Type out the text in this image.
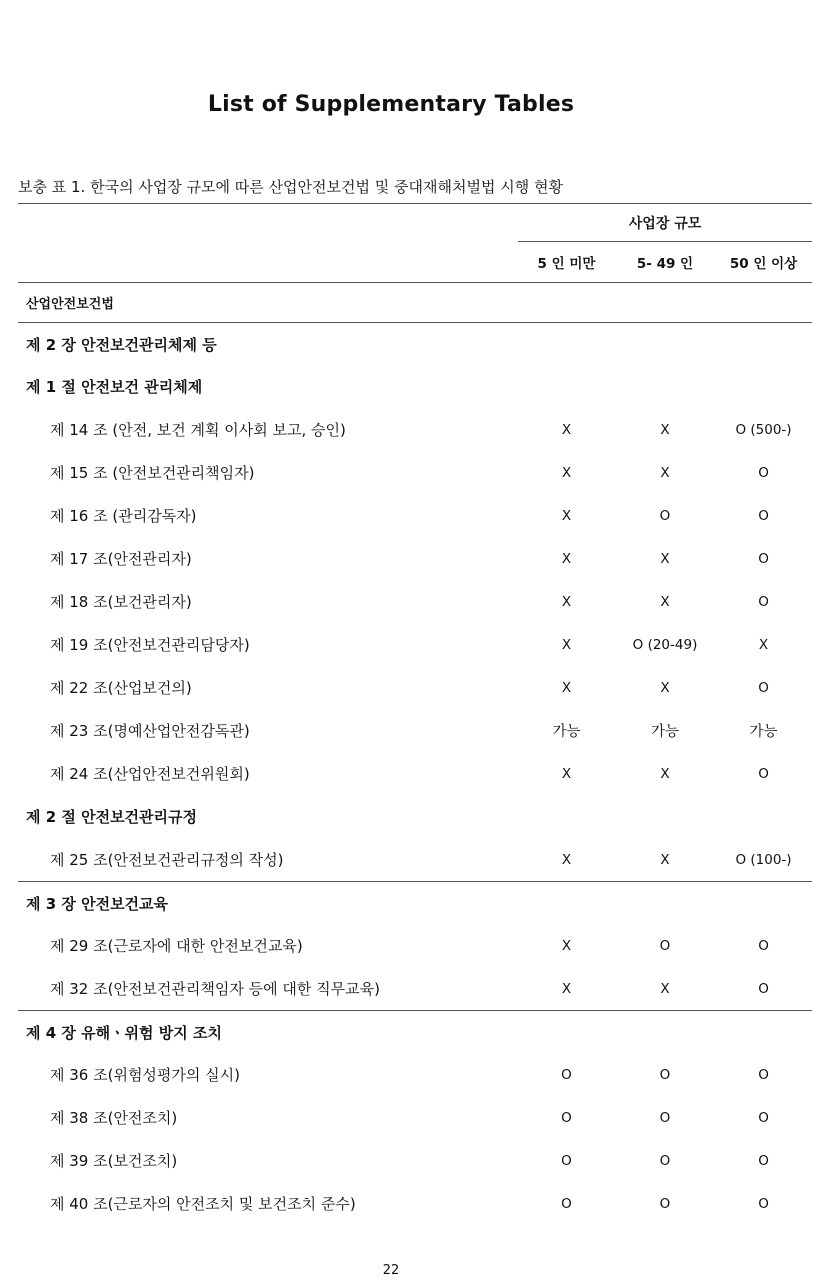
List of Supplementary Tables
보충 표 1. 한국의 사업장 규모에 따른 산업안전보건법 및 중대재해처벌법 시행 현황
	사업장 규모		
	5 인 미만	5- 49 인	50 인 이상
산업안전보건법			
제 2 장 안전보건관리체제 등			
제 1 절 안전보건 관리체제			
제 14 조 (안전, 보건 계획 이사회 보고, 승인)	X	X	O (500-)
제 15 조 (안전보건관리책임자)	X	X	O
제 16 조 (관리감독자)	X	O	O
제 17 조(안전관리자)	X	X	O
제 18 조(보건관리자)	X	X	O
제 19 조(안전보건관리담당자)	X	O (20-49)	X
제 22 조(산업보건의)	X	X	O
제 23 조(명예산업안전감독관)	가능	가능	가능
제 24 조(산업안전보건위원회)	X	X	O
제 2 절 안전보건관리규정			
제 25 조(안전보건관리규정의 작성)	X	X	O (100-)
제 3 장 안전보건교육			
제 29 조(근로자에 대한 안전보건교육)	X	O	O
제 32 조(안전보건관리책임자 등에 대한 직무교육)	X	X	O
제 4 장 유해ㆍ위험 방지 조치			
제 36 조(위험성평가의 실시)	O	O	O
제 38 조(안전조치)	O	O	O
제 39 조(보건조치)	O	O	O
제 40 조(근로자의 안전조치 및 보건조치 준수)	O	O	O
22
